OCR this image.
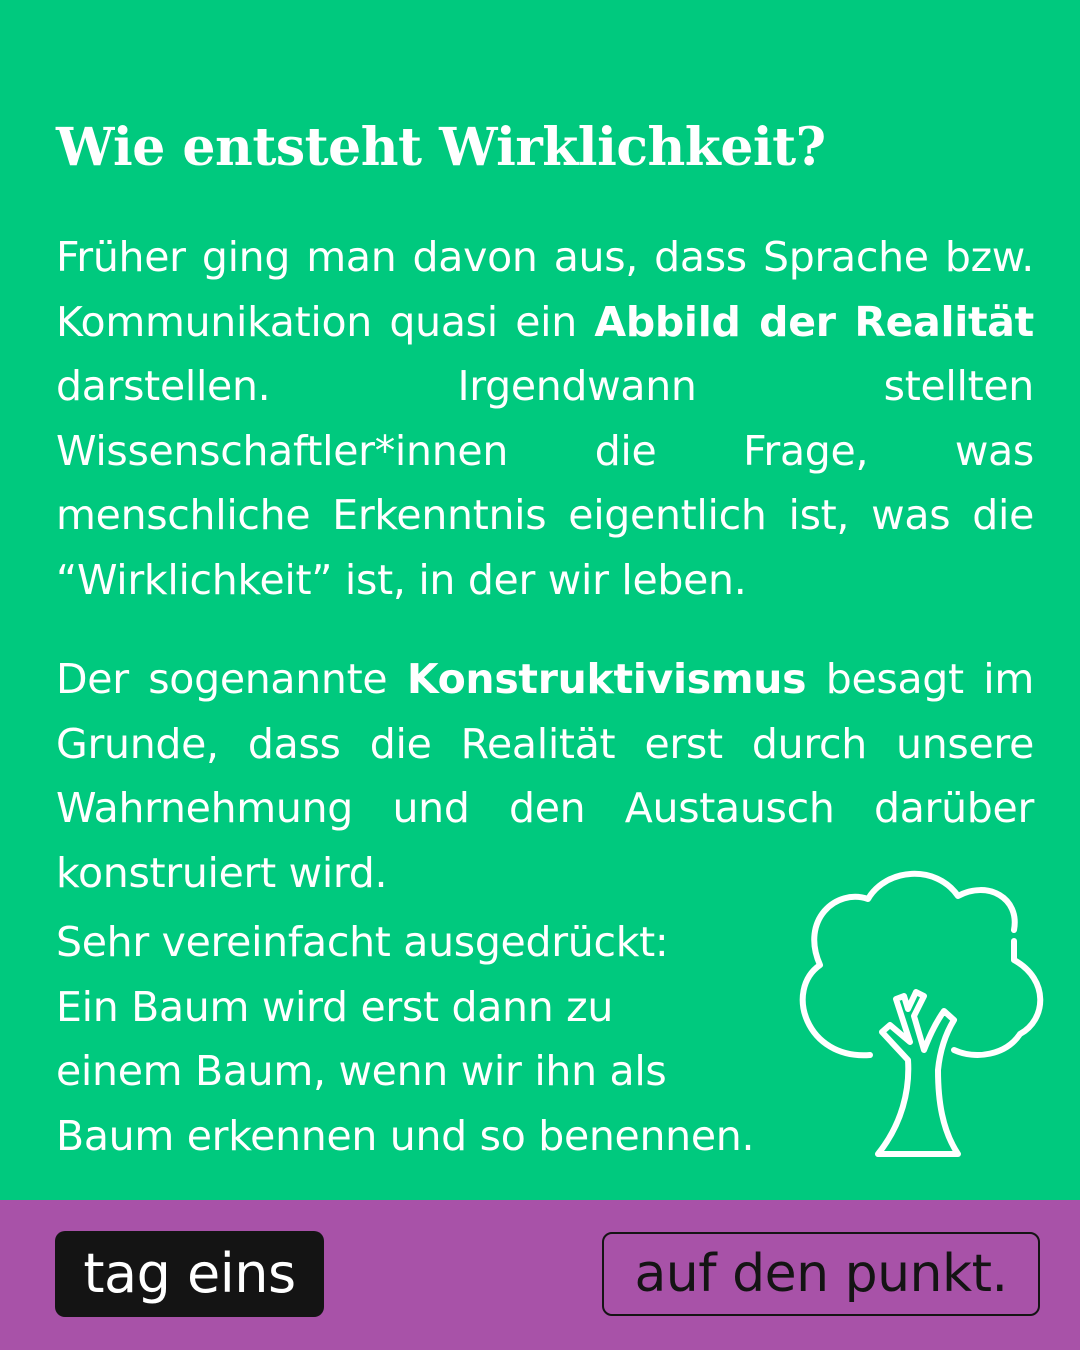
Wie entsteht Wirklichkeit?

Früher ging man davon aus, dass Sprache bzw. Kommunikation quasi ein Abbild der Realität darstellen. Irgendwann stellten Wissenschaftler*innen die Frage, was menschliche Erkenntnis eigentlich ist, was die “Wirklichkeit” ist, in der wir leben.

Der sogenannte Konstruktivismus besagt im Grunde, dass die Realität erst durch unsere Wahrnehmung und den Austausch darüber konstruiert wird.

Sehr vereinfacht ausgedrückt:
Ein Baum wird erst dann zu
einem Baum, wenn wir ihn als
Baum erkennen und so benennen.

tag eins	auf den punkt.
